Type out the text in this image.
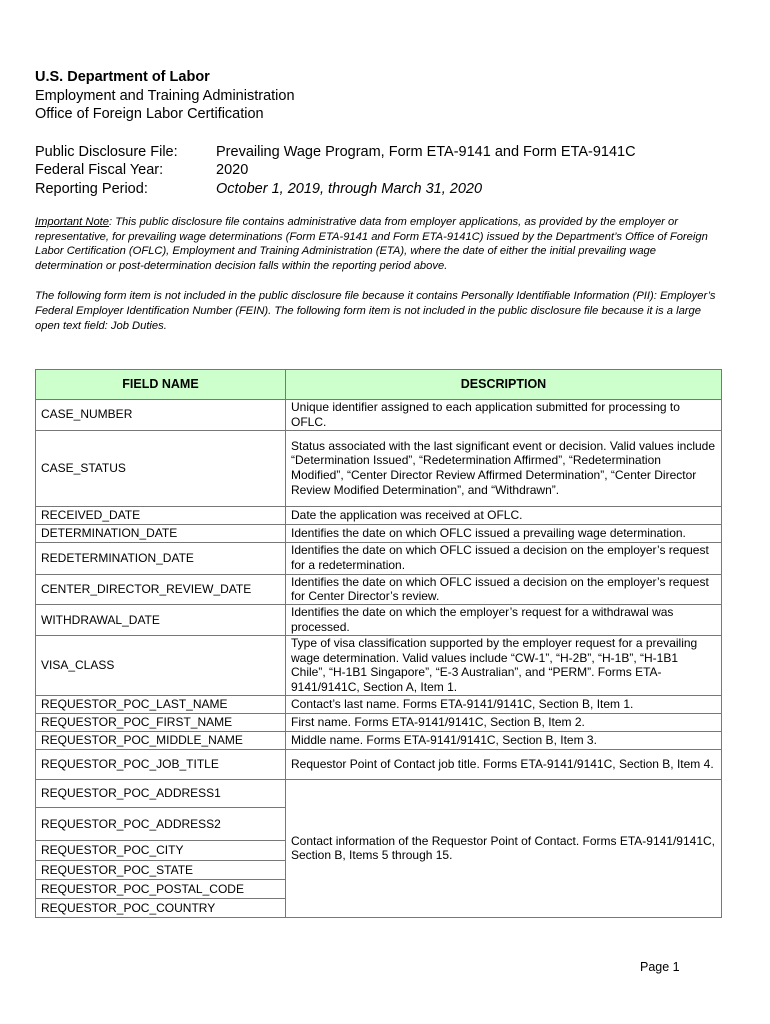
U.S. Department of Labor
Employment and Training Administration
Office of Foreign Labor Certification
Public Disclosure File:	Prevailing Wage Program, Form ETA-9141 and Form ETA-9141C
Federal Fiscal Year:	2020
Reporting Period:	October 1, 2019, through March 31, 2020

Important Note: This public disclosure file contains administrative data from employer applications, as provided by the employer or representative, for prevailing wage determinations (Form ETA-9141 and Form ETA-9141C) issued by the Department’s Office of Foreign Labor Certification (OFLC), Employment and Training Administration (ETA), where the date of either the initial prevailing wage determination or post-determination decision falls within the reporting period above.

The following form item is not included in the public disclosure file because it contains Personally Identifiable Information (PII): Employer’s Federal Employer Identification Number (FEIN). The following form item is not included in the public disclosure file because it is a large open text field: Job Duties.

FIELD NAME	DESCRIPTION
CASE_NUMBER	Unique identifier assigned to each application submitted for processing to OFLC.
CASE_STATUS	Status associated with the last significant event or decision. Valid values include “Determination Issued”, “Redetermination Affirmed”, “Redetermination Modified”, “Center Director Review Affirmed Determination”, “Center Director Review Modified Determination”, and “Withdrawn”.
RECEIVED_DATE	Date the application was received at OFLC.
DETERMINATION_DATE	Identifies the date on which OFLC issued a prevailing wage determination.
REDETERMINATION_DATE	Identifies the date on which OFLC issued a decision on the employer’s request for a redetermination.
CENTER_DIRECTOR_REVIEW_DATE	Identifies the date on which OFLC issued a decision on the employer’s request for Center Director’s review.
WITHDRAWAL_DATE	Identifies the date on which the employer’s request for a withdrawal was processed.
VISA_CLASS	Type of visa classification supported by the employer request for a prevailing wage determination. Valid values include “CW-1”, “H-2B”, “H-1B”, “H-1B1 Chile”, “H-1B1 Singapore”, “E-3 Australian”, and “PERM”. Forms ETA-9141/9141C, Section A, Item 1.
REQUESTOR_POC_LAST_NAME	Contact’s last name. Forms ETA-9141/9141C, Section B, Item 1.
REQUESTOR_POC_FIRST_NAME	First name. Forms ETA-9141/9141C, Section B, Item 2.
REQUESTOR_POC_MIDDLE_NAME	Middle name. Forms ETA-9141/9141C, Section B, Item 3.
REQUESTOR_POC_JOB_TITLE	Requestor Point of Contact job title. Forms ETA-9141/9141C, Section B, Item 4.
REQUESTOR_POC_ADDRESS1	Contact information of the Requestor Point of Contact. Forms ETA-9141/9141C, Section B, Items 5 through 15.
REQUESTOR_POC_ADDRESS2	
REQUESTOR_POC_CITY	
REQUESTOR_POC_STATE	
REQUESTOR_POC_POSTAL_CODE	
REQUESTOR_POC_COUNTRY	
Page 1
